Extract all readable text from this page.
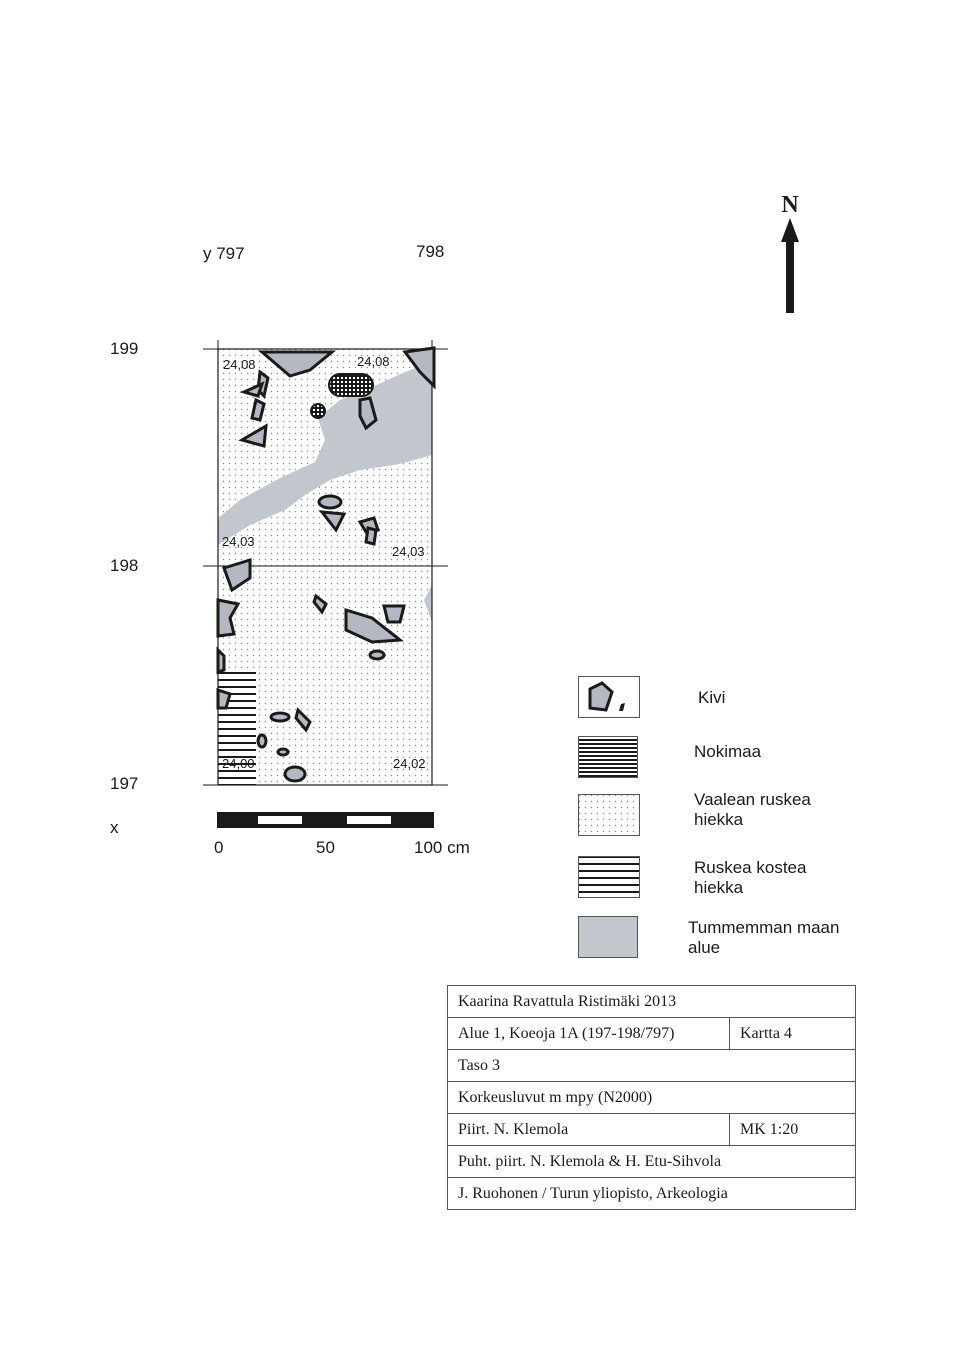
N
y 797	798
199
198
197
x
24,08	24,08
24,03
24,03
24,00	24,02
0	50	100 cm
Kivi
Nokimaa
Vaalean ruskea hiekka
Ruskea kostea hiekka
Tummemman maan alue
Kaarina Ravattula Ristimäki 2013	
Alue 1, Koeoja 1A (197-198/797)	Kartta 4
Taso 3	
Korkeusluvut m mpy (N2000)	
Piirt. N. Klemola	MK 1:20
Puht. piirt. N. Klemola & H. Etu-Sihvola	
J. Ruohonen / Turun yliopisto, Arkeologia	
